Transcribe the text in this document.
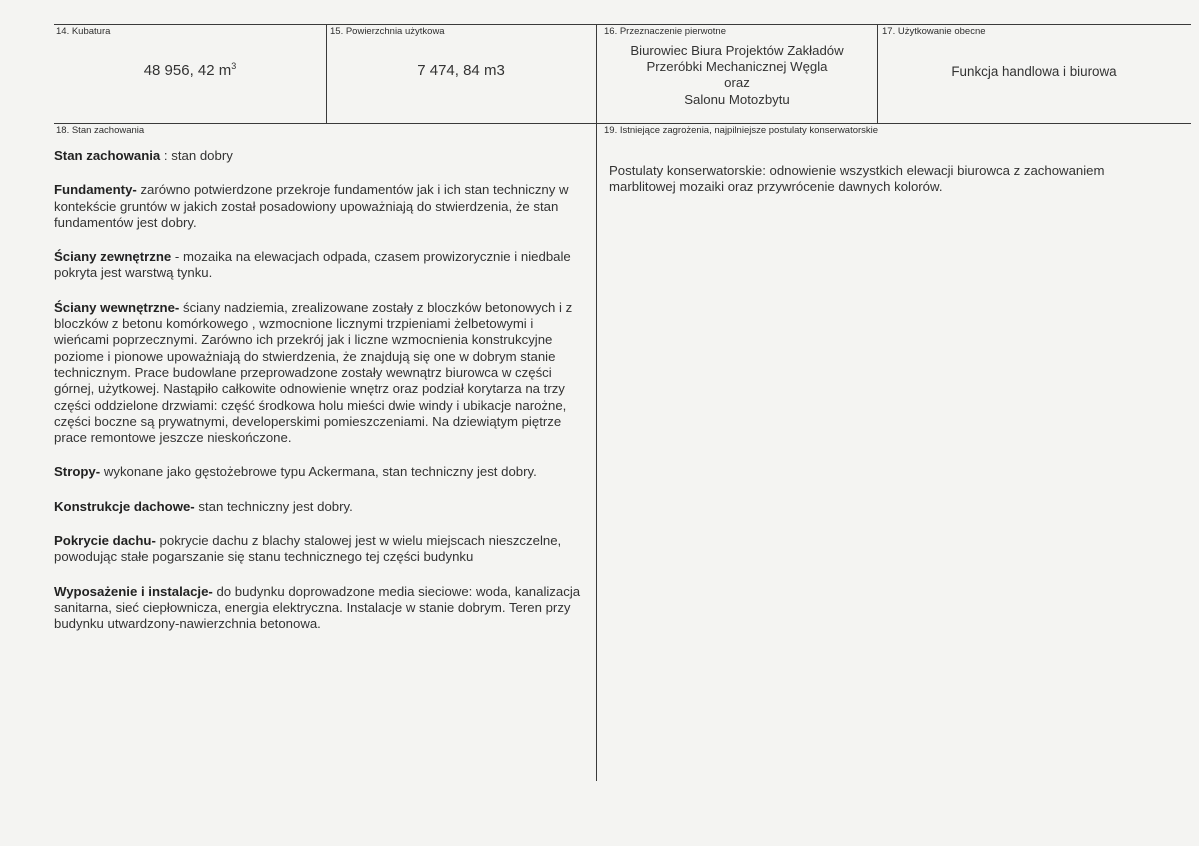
14. Kubatura
48 956, 42 $m^3$
15. Powierzchnia użytkowa
7 474, 84 m3
16. Przeznaczenie pierwotne
Biurowiec Biura Projektów Zakładów
Przeróbki Mechanicznej Węgla
oraz
Salonu Motozbytu
17. Użytkowanie obecne
Funkcja handlowa i biurowa
18. Stan zachowania

Stan zachowania : stan dobry

Fundamenty- zarówno potwierdzone przekroje fundamentów jak i ich stan techniczny w kontekście gruntów w jakich został posadowiony upoważniają do stwierdzenia, że stan fundamentów jest dobry.

Ściany zewnętrzne - mozaika na elewacjach odpada, czasem prowizorycznie i niedbale pokryta jest warstwą tynku.

Ściany wewnętrzne- ściany nadziemia, zrealizowane zostały z bloczków betonowych i z bloczków z betonu komórkowego , wzmocnione licznymi trzpieniami żelbetowymi i wieńcami poprzecznymi. Zarówno ich przekrój jak i liczne wzmocnienia konstrukcyjne poziome i pionowe upoważniają do stwierdzenia, że znajdują się one w dobrym stanie technicznym. Prace budowlane przeprowadzone zostały wewnątrz biurowca w części górnej, użytkowej. Nastąpiło całkowite odnowienie wnętrz oraz podział korytarza na trzy części oddzielone drzwiami: część środkowa holu mieści dwie windy i ubikacje narożne, części boczne są prywatnymi, developerskimi pomieszczeniami. Na dziewiątym piętrze prace remontowe jeszcze nieskończone.

Stropy- wykonane jako gęstożebrowe typu Ackermana, stan techniczny jest dobry.

Konstrukcje dachowe- stan techniczny jest dobry.

Pokrycie dachu- pokrycie dachu z blachy stalowej jest w wielu miejscach nieszczelne, powodując stałe pogarszanie się stanu technicznego tej części budynku

Wyposażenie i instalacje- do budynku doprowadzone media sieciowe: woda, kanalizacja sanitarna, sieć ciepłownicza, energia elektryczna. Instalacje w stanie dobrym. Teren przy budynku utwardzony-nawierzchnia betonowa.

19. Istniejące zagrożenia, najpilniejsze postulaty konserwatorskie
Postulaty konserwatorskie: odnowienie wszystkich elewacji biurowca z zachowaniem marblitowej mozaiki oraz przywrócenie dawnych kolorów.
